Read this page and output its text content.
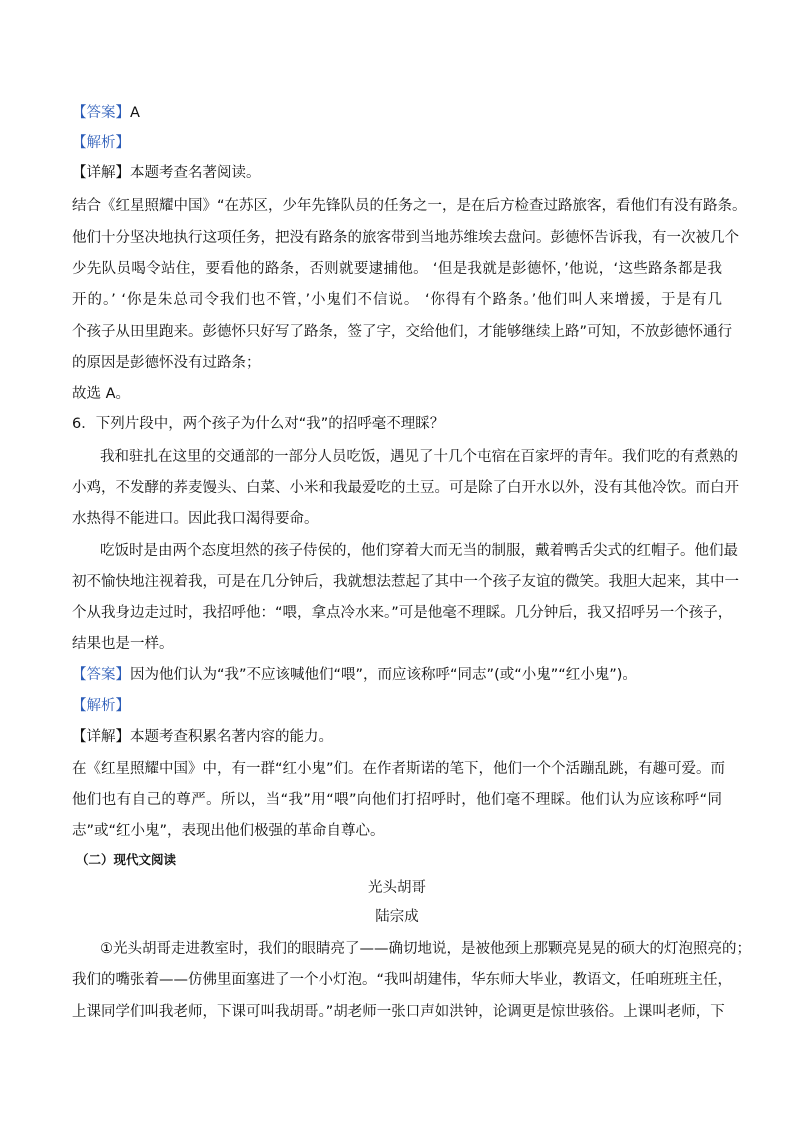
【答案】A
【解析】
【详解】本题考查名著阅读。
结合《红星照耀中国》“在苏区，少年先锋队员的任务之一，是在后方检查过路旅客，看他们有没有路条。
他们十分坚决地执行这项任务，把没有路条的旅客带到当地苏维埃去盘问。彭德怀告诉我，有一次被几个
少先队员喝令站住，要看他的路条，否则就要逮捕他。 ‘但是我就是彭德怀，’他说，‘这些路条都是我
开的。’ ‘你是朱总司令我们也不管，’小鬼们不信说。 ‘你得有个路条。’他们叫人来增援，于是有几
个孩子从田里跑来。彭德怀只好写了路条，签了字，交给他们，才能够继续上路”可知，不放彭德怀通行
的原因是彭德怀没有过路条；
故选 A。
6．下列片段中，两个孩子为什么对“我”的招呼毫不理睬？
我和驻扎在这里的交通部的一部分人员吃饭，遇见了十几个屯宿在百家坪的青年。我们吃的有煮熟的
小鸡，不发酵的荞麦馒头、白菜、小米和我最爱吃的土豆。可是除了白开水以外，没有其他冷饮。而白开
水热得不能进口。因此我口渴得要命。
吃饭时是由两个态度坦然的孩子侍侯的，他们穿着大而无当的制服，戴着鸭舌尖式的红帽子。他们最
初不愉快地注视着我，可是在几分钟后，我就想法惹起了其中一个孩子友谊的微笑。我胆大起来，其中一
个从我身边走过时，我招呼他：“喂，拿点冷水来。”可是他毫不理睬。几分钟后，我又招呼另一个孩子，
结果也是一样。
【答案】因为他们认为“我”不应该喊他们“喂”，而应该称呼“同志”(或“小鬼”“红小鬼”)。
【解析】
【详解】本题考查积累名著内容的能力。
在《红星照耀中国》中，有一群“红小鬼”们。在作者斯诺的笔下，他们一个个活蹦乱跳，有趣可爱。而
他们也有自己的尊严。所以，当“我”用“喂”向他们打招呼时，他们毫不理睬。他们认为应该称呼“同
志”或“红小鬼”，表现出他们极强的革命自尊心。
（二）现代文阅读
光头胡哥
陆宗成
①光头胡哥走进教室时，我们的眼睛亮了——确切地说，是被他颈上那颗亮晃晃的硕大的灯泡照亮的；
我们的嘴张着——仿佛里面塞进了一个小灯泡。“我叫胡建伟，华东师大毕业，教语文，任咱班班主任，
上课同学们叫我老师，下课可叫我胡哥。”胡老师一张口声如洪钟，论调更是惊世骇俗。上课叫老师，下
